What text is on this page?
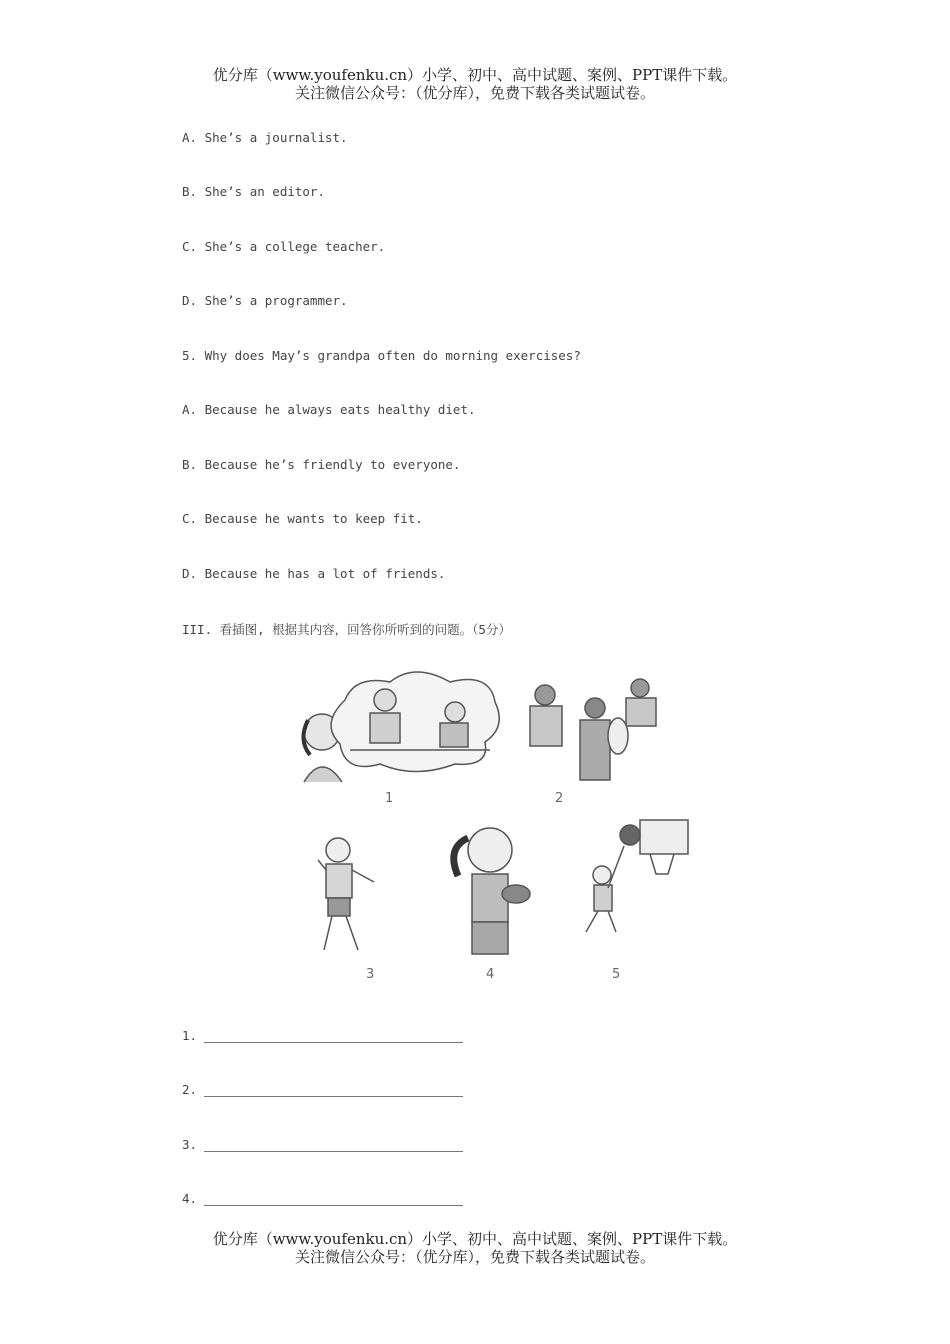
优分库（www.youfenku.cn）小学、初中、高中试题、案例、PPT课件下载。
关注微信公众号：（优分库），免费下载各类试题试卷。
A. She’s a journalist.
B. She’s an editor.
C. She’s a college teacher.
D. She’s a programmer.
5. Why does May’s grandpa often do morning exercises?
A. Because he always eats healthy diet.
B. Because he’s friendly to everyone.
C. Because he wants to keep fit.
D. Because he has a lot of friends.
III. 看插图, 根据其内容，回答你所听到的问题。（5分）
1	2
3	4	5
1.
2.
3.
4.
优分库（www.youfenku.cn）小学、初中、高中试题、案例、PPT课件下载。
关注微信公众号：（优分库），免费下载各类试题试卷。
